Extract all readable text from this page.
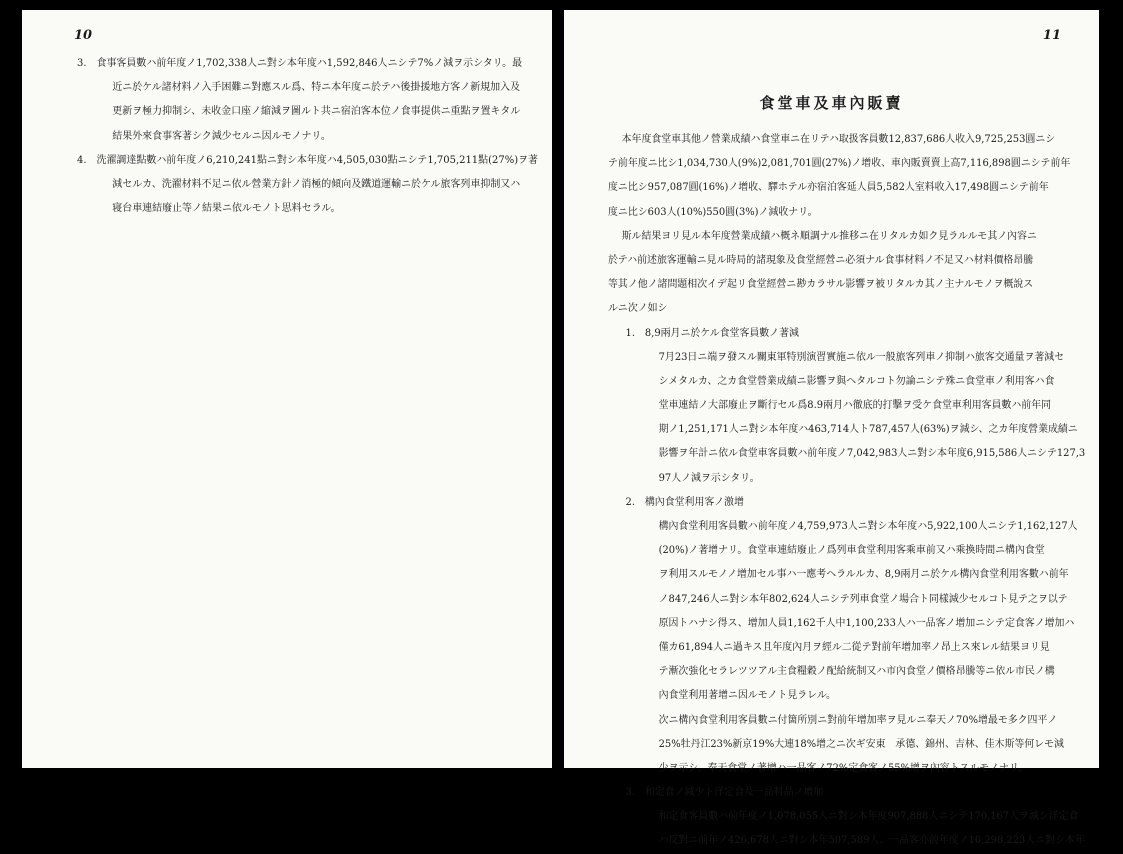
10
3.　食事客員數ハ前年度ノ1,702,338人ニ對シ本年度ハ1,592,846人ニシテ7%ノ減ヲ示シタリ。最
近ニ於ケル諸材料ノ入手困難ニ對應スル爲、特ニ本年度ニ於テハ後掛援地方客ノ新規加入及
更新ヲ極力抑制シ、未收金口座ノ縮減ヲ圖ルト共ニ宿泊客本位ノ食事提供ニ重點ヲ置キタル
結果外來食事客著シク減少セルニ因ルモノナリ。
4.　洗濯調達點數ハ前年度ノ6,210,241點ニ對シ本年度ハ4,505,030點ニシテ1,705,211點(27%)ヲ著
減セルカ、洗濯材料不足ニ依ル營業方針ノ消極的傾向及鐵道運輸ニ於ケル旅客列車抑制又ハ
寝台車連結廢止等ノ結果ニ依ルモノト思料セラル。
11
食堂車及車內販賣
本年度食堂車其他ノ營業成績ハ食堂車ニ在リテハ取扱客員數12,837,686人收入9,725,253圓ニシ
テ前年度ニ比シ1,034,730人(9%)2,081,701圓(27%)ノ增收、車內販賣賣上高7,116,898圓ニシテ前年
度ニ比シ957,087圓(16%)ノ增收、驛ホテル亦宿泊客延人員5,582人室料收入17,498圓ニシテ前年
度ニ比シ603人(10%)550圓(3%)ノ減收ナリ。
斯ル結果ヨリ見ル本年度營業成績ハ概ネ順調ナル推移ニ在リタルカ如ク見ラルルモ其ノ內容ニ
於テハ前述旅客運輸ニ見ル時局的諸現象及食堂經營ニ必須ナル食事材料ノ不足又ハ材料價格昂騰
等其ノ他ノ諸問題相次イデ起リ食堂經營ニ尠カラサル影響ヲ被リタルカ其ノ主ナルモノヲ概說ス
ルニ次ノ如シ
1.　8,9兩月ニ於ケル食堂客員數ノ著減
7月23日ニ端ヲ發スル關東軍特別演習實施ニ依ル一般旅客列車ノ抑制ハ旅客交通量ヲ著減セ
シメタルカ、之カ食堂營業成績ニ影響ヲ與ヘタルコト勿論ニシテ殊ニ食堂車ノ利用客ハ食
堂車連結ノ大部廢止ヲ斷行セル爲8.9兩月ハ徹底的打擊ヲ受ケ食堂車利用客員數ハ前年同
期ノ1,251,171人ニ對シ本年度ハ463,714人ト787,457人(63%)ヲ減シ、之カ年度營業成績ニ
影響ヲ年計ニ依ル食堂車客員數ハ前年度ノ7,042,983人ニ對シ本年度6,915,586人ニシテ127,3
97人ノ減ヲ示シタリ。
2.　構內食堂利用客ノ激增
構內食堂利用客員數ハ前年度ノ4,759,973人ニ對シ本年度ハ5,922,100人ニシテ1,162,127人
(20%)ノ著增ナリ。食堂車連結廢止ノ爲列車食堂利用客乘車前又ハ乘換時間ニ構內食堂
ヲ利用スルモノノ增加セル事ハ一應考ヘラルルカ、8,9兩月ニ於ケル構內食堂利用客數ハ前年
ノ847,246人ニ對シ本年802,624人ニシテ列車食堂ノ場合ト同樣減少セルコト見テ之ヲ以テ
原因トハナシ得ス、增加人員1,162千人中1,100,233人ハ一品客ノ增加ニシテ定食客ノ增加ハ
僅カ61,894人ニ過キス且年度內月ヲ經ル二從テ對前年增加率ノ昂上ス來レル結果ヨリ見
テ漸次強化セラレツツアル主食糧穀ノ配給統制又ハ市內食堂ノ價格昂騰等ニ依ル市民ノ構
內食堂利用著增ニ因ルモノト見ラレル。
次ニ構內食堂利用客員數ニ付箇所別ニ對前年增加率ヲ見ルニ奉天ノ70%增最モ多ク四平ノ
25%牡丹江23%新京19%大連18%增之ニ次ギ安東　承德、錦州、吉林、佳木斯等何レモ減
少ヲ示シ、奉天食堂ノ著增ハ一品客ノ72%定食客ノ55%增ヲ內容トスルモノナリ。
3.　和定食ノ減少ト洋定食及一品料品ノ增加
和定食客員數ハ前年度ノ1,078,055人ニ對シ本年度907,888人ニシテ170,167人ヲ減シ洋定食
ハ反對ニ前年ノ426,678人ニ對シ本年507,589人、一品客亦前年度ノ10,298,223人ニ對シ本年
